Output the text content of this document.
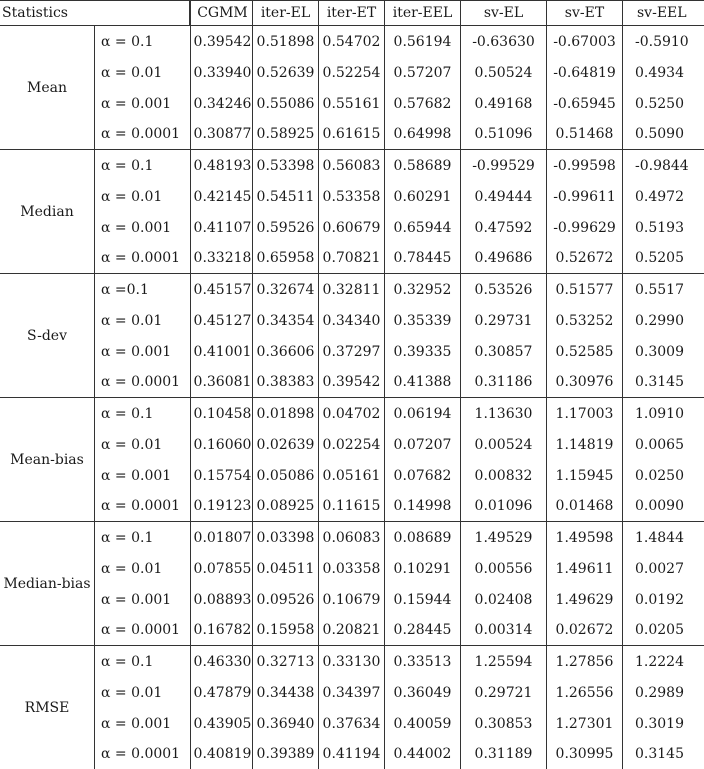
Statistics	CGMM iter-EL	iter-ET	iter-EEL	sv-EL	sv-ET	sv-EEL
Mean
α = 0.1	0.39542 0.51898 0.54702 0.56194	-0.63630	-0.67003	-0.5910
α = 0.01	0.33940 0.52639 0.52254 0.57207	0.50524	-0.64819	0.4934
α = 0.001	0.34246 0.55086 0.55161 0.57682	0.49168	-0.65945	0.5250
α = 0.0001 0.30877 0.58925 0.61615 0.64998	0.51096	0.51468	0.5090
Median
α = 0.1	0.48193 0.53398 0.56083 0.58689	-0.99529	-0.99598	-0.9844
α = 0.01	0.42145 0.54511 0.53358 0.60291	0.49444	-0.99611	0.4972
α = 0.001	0.41107 0.59526 0.60679 0.65944	0.47592	-0.99629	0.5193
α = 0.0001 0.33218 0.65958 0.70821 0.78445	0.49686	0.52672	0.5205
S-dev
α =0.1	0.45157 0.32674 0.32811 0.32952	0.53526	0.51577	0.5517
α = 0.01	0.45127 0.34354 0.34340 0.35339	0.29731	0.53252	0.2990
α = 0.001	0.41001 0.36606 0.37297 0.39335	0.30857	0.52585	0.3009
α = 0.0001 0.36081 0.38383 0.39542 0.41388	0.31186	0.30976	0.3145
Mean-bias
α = 0.1	0.10458 0.01898 0.04702 0.06194	1.13630	1.17003	1.0910
α = 0.01	0.16060 0.02639 0.02254 0.07207	0.00524	1.14819	0.0065
α = 0.001	0.15754 0.05086 0.05161 0.07682	0.00832	1.15945	0.0250
α = 0.0001 0.19123 0.08925 0.11615 0.14998	0.01096	0.01468	0.0090
Median-bias
α = 0.1	0.01807 0.03398 0.06083 0.08689	1.49529	1.49598	1.4844
α = 0.01	0.07855 0.04511 0.03358 0.10291	0.00556	1.49611	0.0027
α = 0.001	0.08893 0.09526 0.10679 0.15944	0.02408	1.49629	0.0192
α = 0.0001 0.16782 0.15958 0.20821 0.28445	0.00314	0.02672	0.0205
RMSE
α = 0.1	0.46330 0.32713 0.33130 0.33513	1.25594	1.27856	1.2224
α = 0.01	0.47879 0.34438 0.34397 0.36049	0.29721	1.26556	0.2989
α = 0.001	0.43905 0.36940 0.37634 0.40059	0.30853	1.27301	0.3019
α = 0.0001 0.40819 0.39389 0.41194 0.44002	0.31189	0.30995	0.3145
